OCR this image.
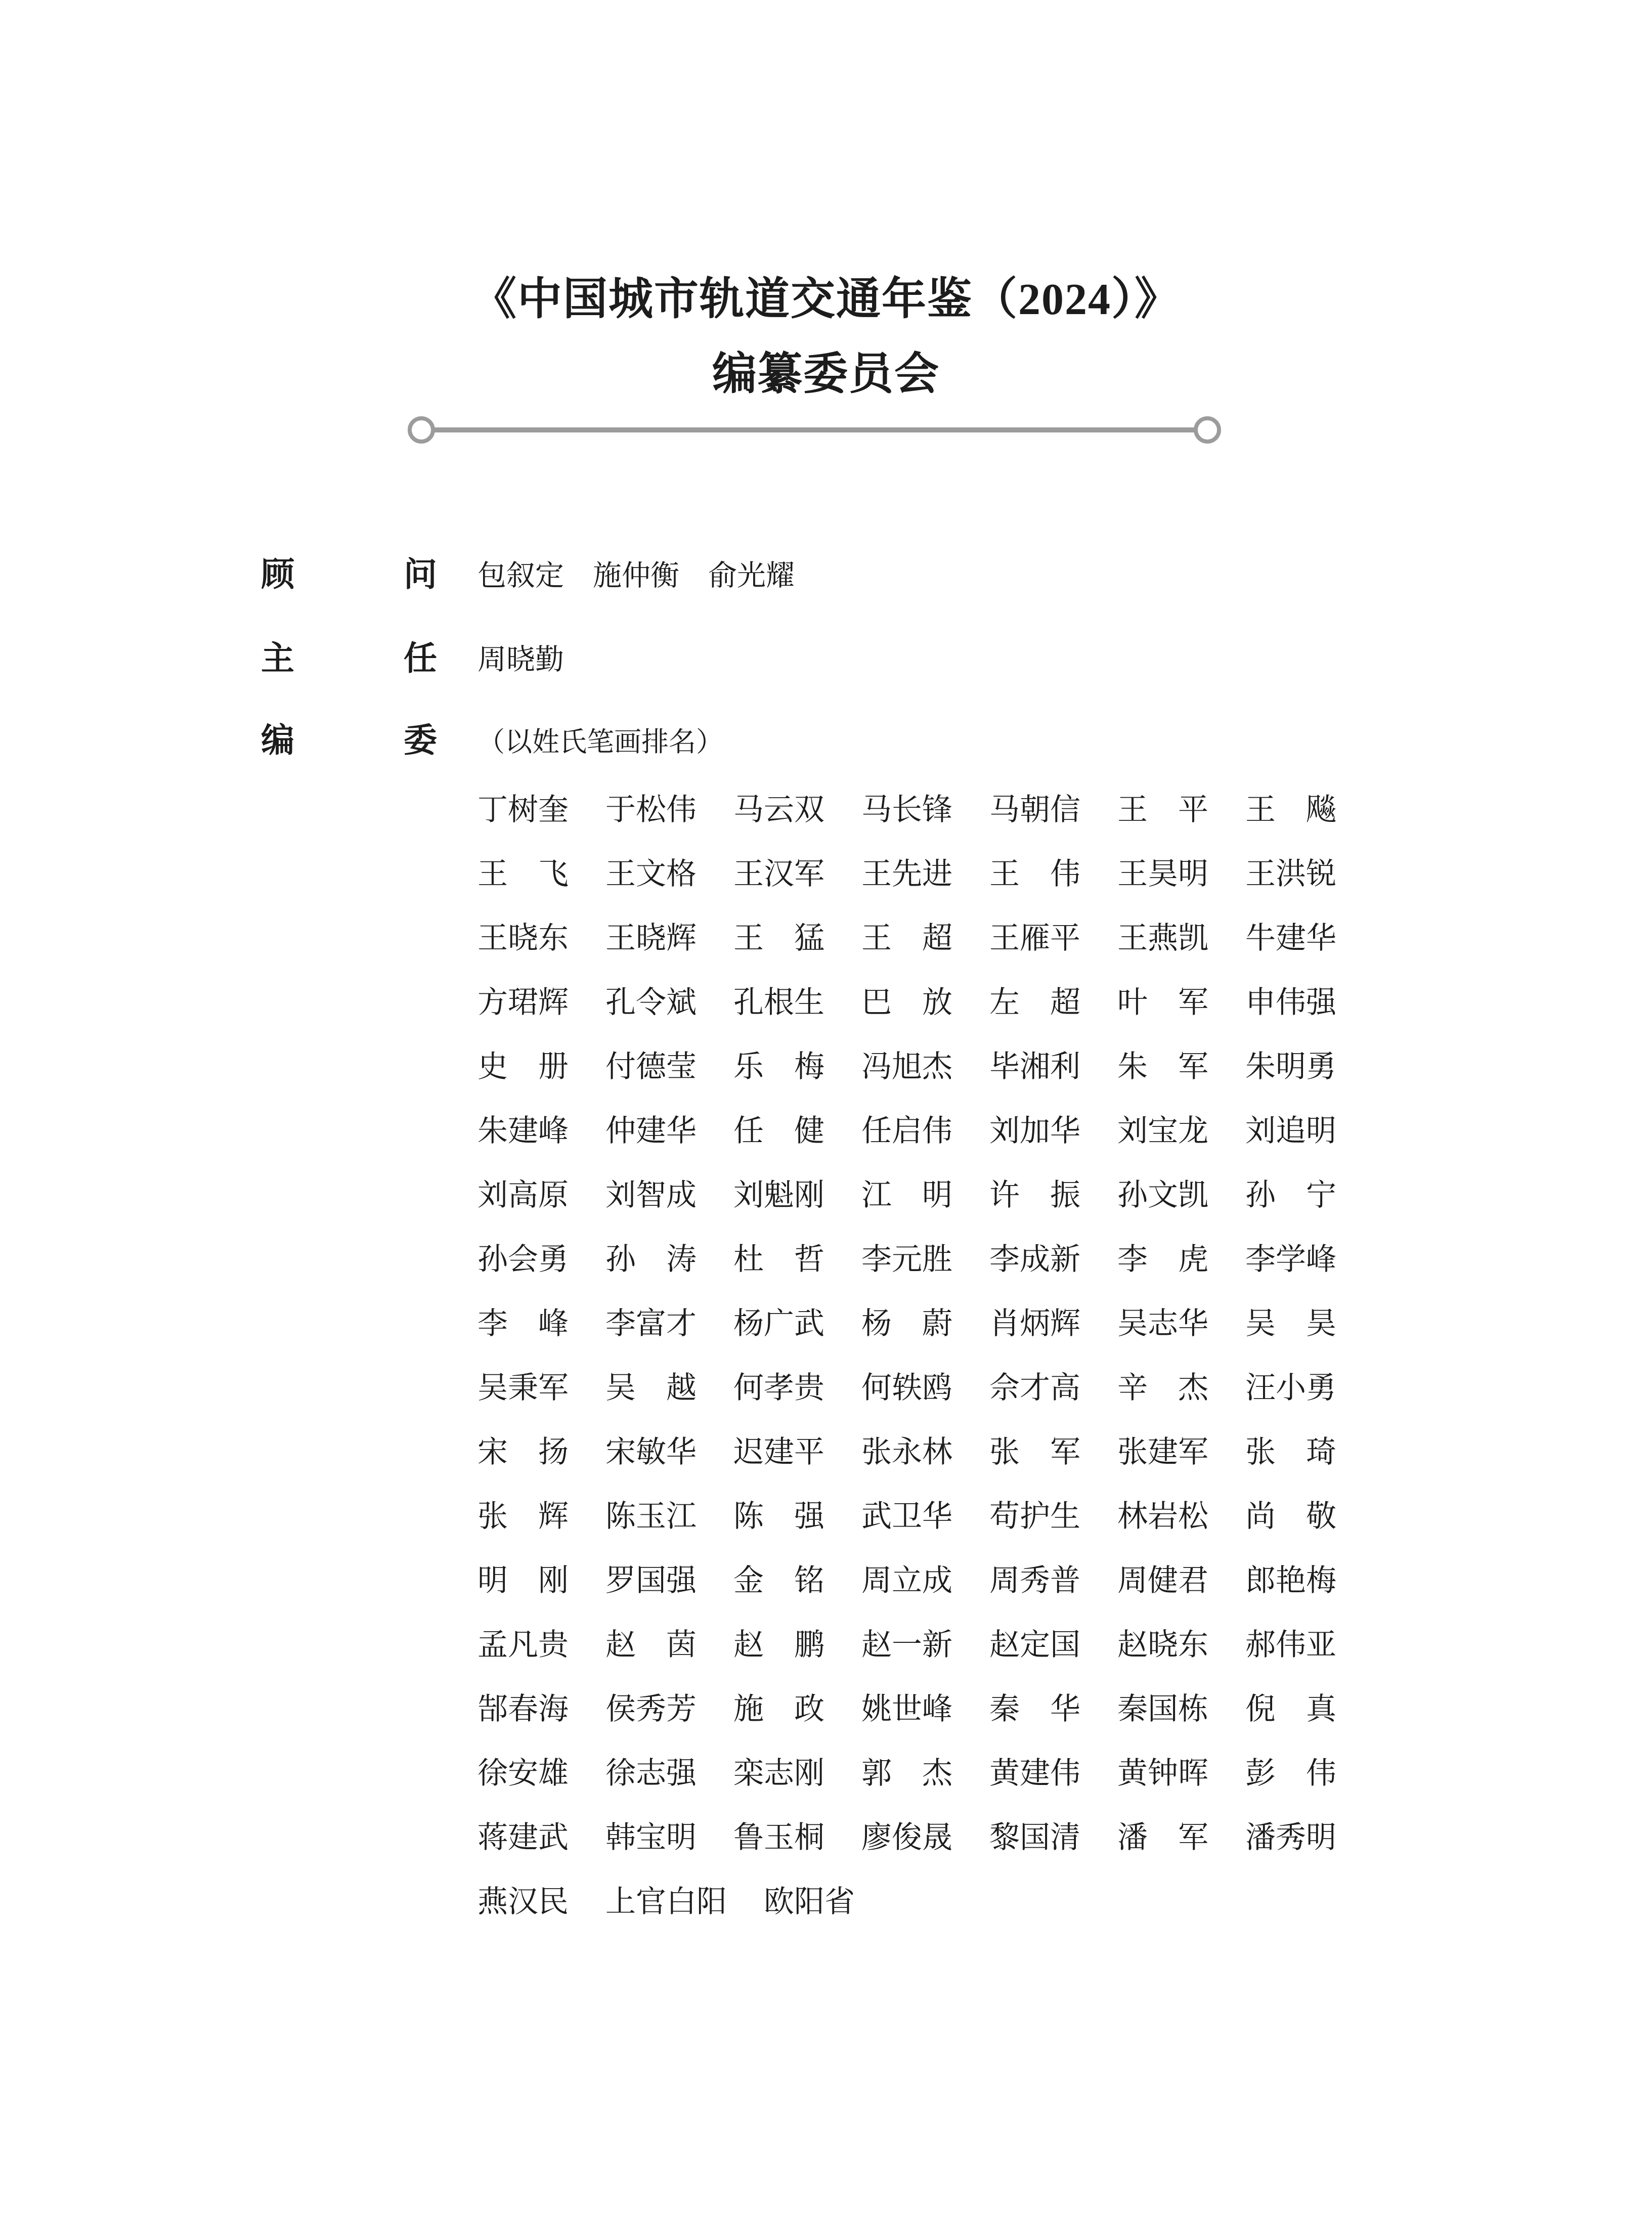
《中国城市轨道交通年鉴（2024）》
编纂委员会
顾	问 包叙定　施仲衡　俞光耀
主	任 周晓勤
编	委 （以姓氏笔画排名）
丁树奎 于松伟 马云双 马长锋 马朝信 王　平 王　飚
王　飞 王文格 王汉军 王先进 王　伟 王昊明 王洪锐
王晓东 王晓辉 王　猛 王　超 王雁平 王燕凯 牛建华
方珺辉 孔令斌 孔根生 巴　放 左　超 叶　军 申伟强
史　册 付德莹 乐　梅 冯旭杰 毕湘利 朱　军 朱明勇
朱建峰 仲建华 任　健 任启伟 刘加华 刘宝龙 刘追明
刘高原 刘智成 刘魁刚 江　明 许　振 孙文凯 孙　宁
孙会勇 孙　涛 杜　哲 李元胜 李成新 李　虎 李学峰
李　峰 李富才 杨广武 杨　蔚 肖炳辉 吴志华 吴　昊
吴秉军 吴　越 何孝贵 何轶鸥 佘才高 辛　杰 汪小勇
宋　扬 宋敏华 迟建平 张永林 张　军 张建军 张　琦
张　辉 陈玉江 陈　强 武卫华 苟护生 林岩松 尚　敬
明　刚 罗国强 金　铭 周立成 周秀普 周健君 郎艳梅
孟凡贵 赵　茵 赵　鹏 赵一新 赵定国 赵晓东 郝伟亚
郜春海 侯秀芳 施　政 姚世峰 秦　华 秦国栋 倪　真
徐安雄 徐志强 栾志刚 郭　杰 黄建伟 黄钟晖 彭　伟
蒋建武 韩宝明 鲁玉桐 廖俊晟 黎国清 潘　军 潘秀明
燕汉民 上官白阳 欧阳省
